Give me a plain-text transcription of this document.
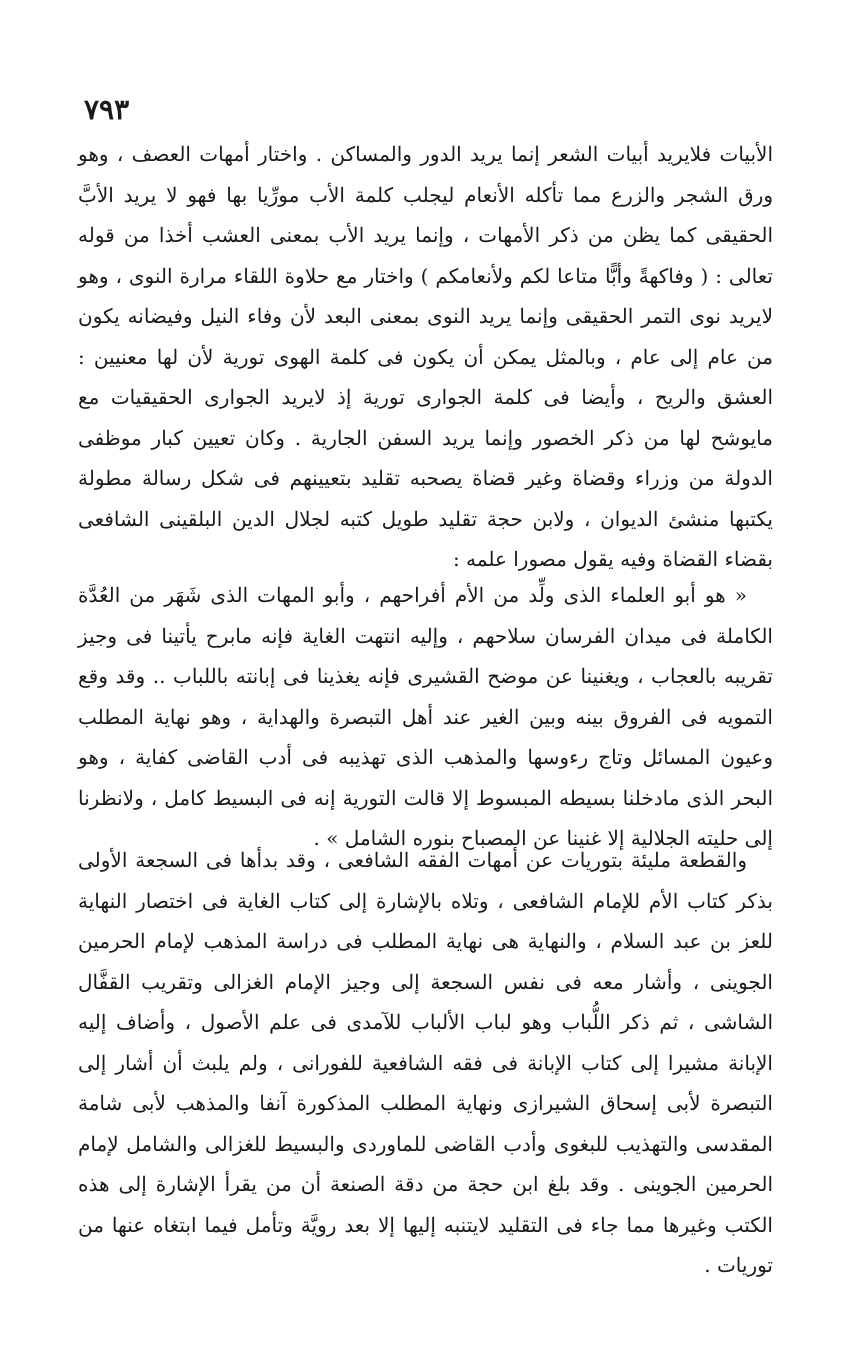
٧٩٣

الأبيات فلايريد أبيات الشعر إنما يريد الدور والمساكن . واختار أمهات العصف ، وهو ورق الشجر والزرع مما تأكله الأنعام ليجلب كلمة الأب مورِّيا بها فهو لا يريد الأبَّ الحقيقى كما يظن من ذكر الأمهات ، وإنما يريد الأب بمعنى العشب أخذا من قوله تعالى : ( وفاكهةً وأبًّا متاعا لكم ولأنعامكم ) واختار مع حلاوة اللقاء مرارة النوى ، وهو لايريد نوى التمر الحقيقى وإنما يريد النوى بمعنى البعد لأن وفاء النيل وفيضانه يكون من عام إلى عام ، وبالمثل يمكن أن يكون فى كلمة الهوى تورية لأن لها معنيين : العشق والريح ، وأيضا فى كلمة الجوارى تورية إذ لايريد الجوارى الحقيقيات مع مايوشح لها من ذكر الخصور وإنما يريد السفن الجارية . وكان تعيين كبار موظفى الدولة من وزراء وقضاة وغير قضاة يصحبه تقليد بتعيينهم فى شكل رسالة مطولة يكتبها منشئ الديوان ، ولابن حجة تقليد طويل كتبه لجلال الدين البلقينى الشافعى بقضاء القضاة وفيه يقول مصورا علمه :

« هو أبو العلماء الذى ولِّد من الأم أفراحهم ، وأبو المهات الذى شَهَر من العُدَّة الكاملة فى ميدان الفرسان سلاحهم ، وإليه انتهت الغاية فإنه مابرح يأتينا فى وجيز تقريبه بالعجاب ، ويغنينا عن موضح القشيرى فإنه يغذينا فى إبانته باللباب .. وقد وقع التمويه فى الفروق بينه وبين الغير عند أهل التبصرة والهداية ، وهو نهاية المطلب وعيون المسائل وتاج رءوسها والمذهب الذى تهذيبه فى أدب القاضى كفاية ، وهو البحر الذى مادخلنا بسيطه المبسوط إلا قالت التورية إنه فى البسيط كامل ، ولانظرنا إلى حليته الجلالية إلا غنينا عن المصباح بنوره الشامل » .

والقطعة مليئة بتوريات عن أمهات الفقه الشافعى ، وقد بدأها فى السجعة الأولى بذكر كتاب الأم للإمام الشافعى ، وتلاه بالإشارة إلى كتاب الغاية فى اختصار النهاية للعز بن عبد السلام ، والنهاية هى نهاية المطلب فى دراسة المذهب لإمام الحرمين الجوينى ، وأشار معه فى نفس السجعة إلى وجيز الإمام الغزالى وتقريب القفَّال الشاشى ، ثم ذكر اللُّباب وهو لباب الألباب للآمدى فى علم الأصول ، وأضاف إليه الإبانة مشيرا إلى كتاب الإبانة فى فقه الشافعية للفورانى ، ولم يلبث أن أشار إلى التبصرة لأبى إسحاق الشيرازى ونهاية المطلب المذكورة آنفا والمذهب لأبى شامة المقدسى والتهذيب للبغوى وأدب القاضى للماوردى والبسيط للغزالى والشامل لإمام الحرمين الجوينى . وقد بلغ ابن حجة من دقة الصنعة أن من يقرأ الإشارة إلى هذه الكتب وغيرها مما جاء فى التقليد لايتنبه إليها إلا بعد رويَّة وتأمل فيما ابتغاه عنها من توريات .
